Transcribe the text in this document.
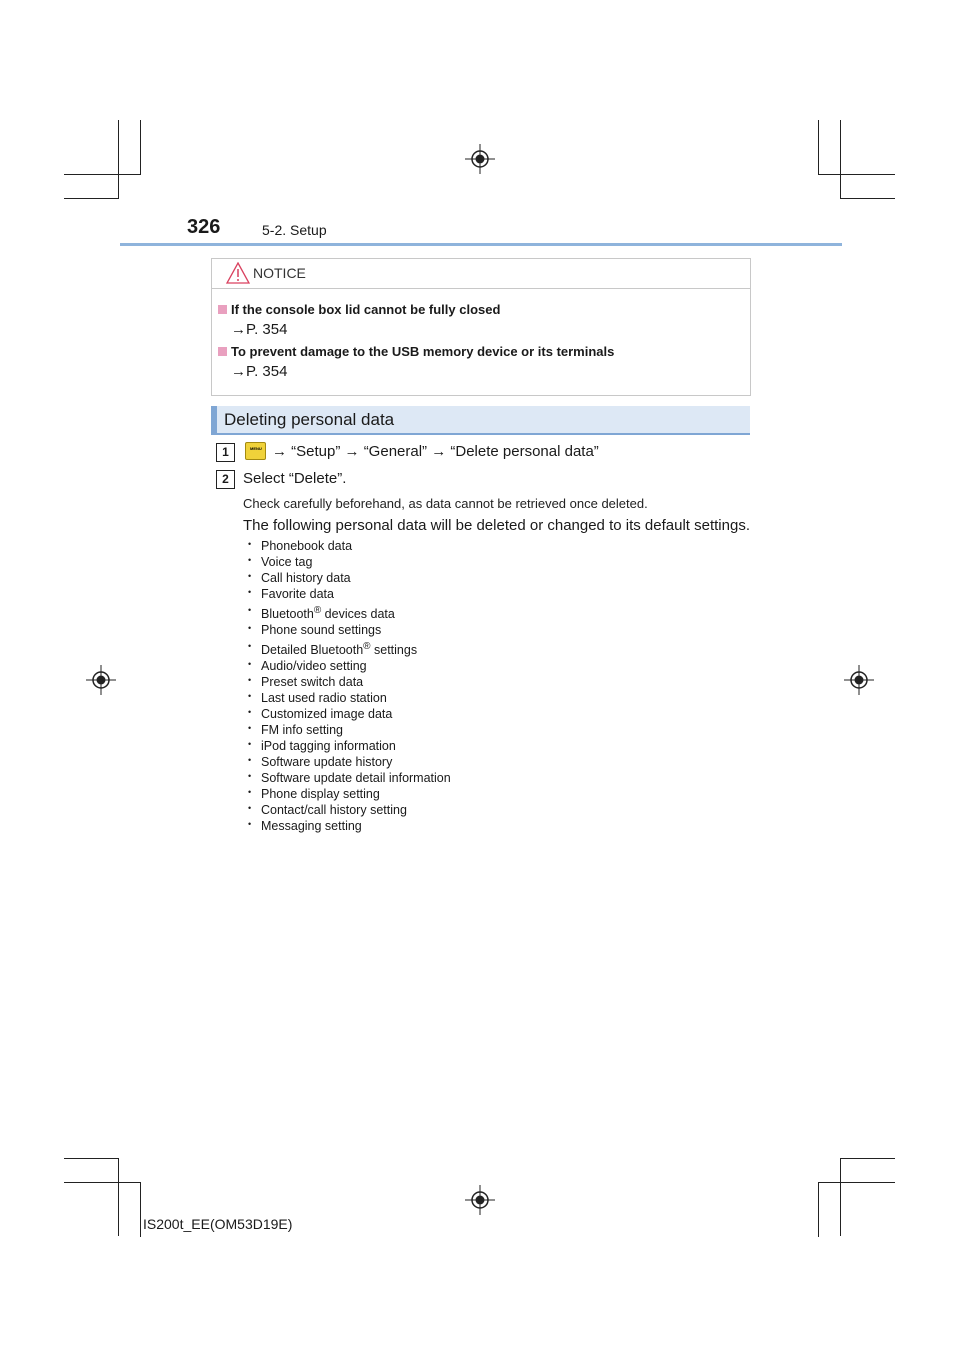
326	5-2. Setup
NOTICE
If the console box lid cannot be fully closed
→P. 354
To prevent damage to the USB memory device or its terminals
→P. 354
Deleting personal data
1	MENU → “Setup” → “General” → “Delete personal data”
2 Select “Delete”.
Check carefully beforehand, as data cannot be retrieved once deleted.
The following personal data will be deleted or changed to its default settings.
• Phonebook data
• Voice tag
• Call history data
• Favorite data
• Bluetooth® devices data
• Phone sound settings
• Detailed Bluetooth® settings
• Audio/video setting
• Preset switch data
• Last used radio station
• Customized image data
• FM info setting
• iPod tagging information
• Software update history
• Software update detail information
• Phone display setting
• Contact/call history setting
• Messaging setting
IS200t_EE(OM53D19E)
